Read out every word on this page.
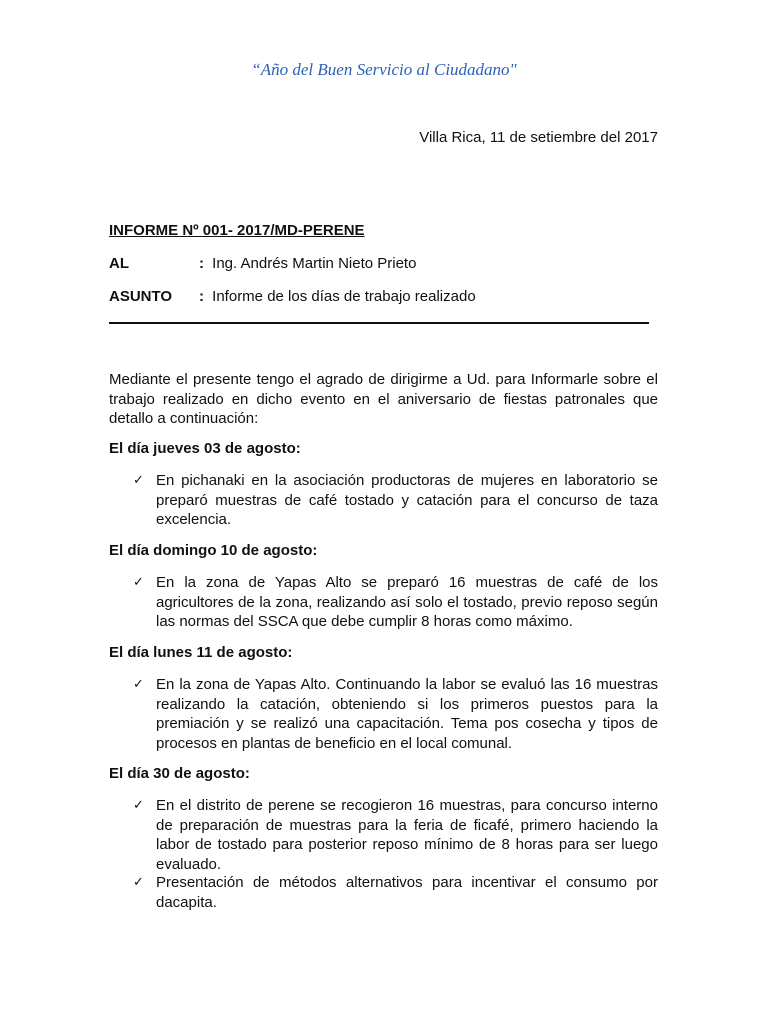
“Año del Buen Servicio al Ciudadano"
Villa Rica, 11 de setiembre del 2017
INFORME Nº 001- 2017/MD-PERENE
AL	: Ing. Andrés Martin Nieto Prieto
ASUNTO : Informe de los días de trabajo realizado
Mediante el presente tengo el agrado de dirigirme a Ud. para Informarle sobre el trabajo realizado en dicho evento en el aniversario de fiestas patronales que detallo a continuación:
El día jueves 03 de agosto:
✓ En pichanaki en la asociación productoras de mujeres en laboratorio se preparó muestras de café tostado y catación para el concurso de taza excelencia.
El día domingo 10 de agosto:
✓ En la zona de Yapas Alto se preparó 16 muestras de café de los agricultores de la zona, realizando así solo el tostado, previo reposo según las normas del SSCA que debe cumplir 8 horas como máximo.
El día lunes 11 de agosto:
✓ En la zona de Yapas Alto. Continuando la labor se evaluó las 16 muestras realizando la catación, obteniendo si los primeros puestos para la premiación y se realizó una capacitación. Tema pos cosecha y tipos de procesos en plantas de beneficio en el local comunal.
El día 30 de agosto:
✓ En el distrito de perene se recogieron 16 muestras, para concurso interno de preparación de muestras para la feria de ficafé, primero haciendo la labor de tostado para posterior reposo mínimo de 8 horas para ser luego evaluado.
✓ Presentación de métodos alternativos para incentivar el consumo por dacapita.
